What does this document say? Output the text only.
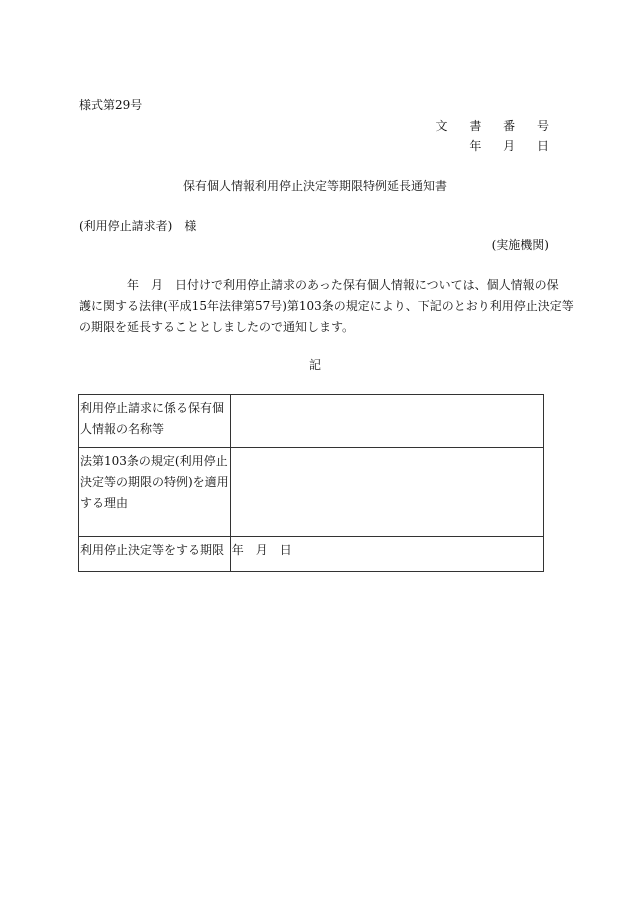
様式第29号
文 書 番 号
年 月 日
保有個人情報利用停止決定等期限特例延長通知書
(利用停止請求者)　様
(実施機関)
年　月　日付けで利用停止請求のあった保有個人情報については、個人情報の保
護に関する法律(平成15年法律第57号)第103条の規定により、下記のとおり利用停止決定等
の期限を延長することとしましたので通知します。
記
利用停止請求に係る保有個
人情報の名称等	

法第103条の規定(利用停止
決定等の期限の特例)を適用
する理由	

利用停止決定等をする期限	年　月　日
